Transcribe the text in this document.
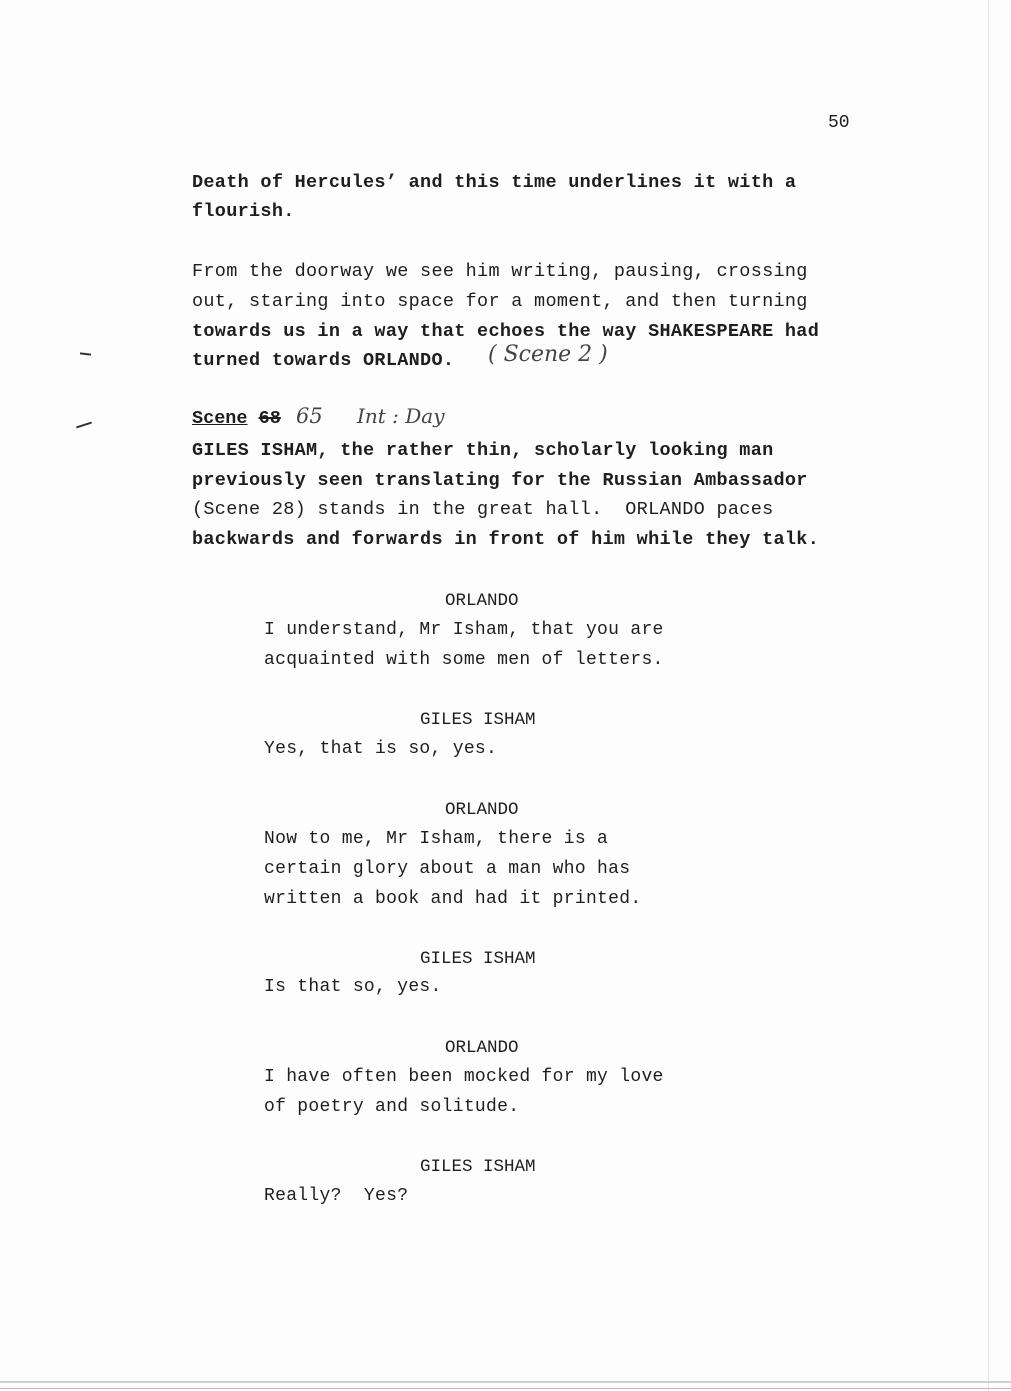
50
Death of Hercules’ and this time underlines it with a
flourish.
From the doorway we see him writing, pausing, crossing
out, staring into space for a moment, and then turning
towards us in a way that echoes the way SHAKESPEARE had
turned towards ORLANDO. ( Scene 2 )
Scene 68 65 Int : Day
GILES ISHAM, the rather thin, scholarly looking man
previously seen translating for the Russian Ambassador
(Scene 28) stands in the great hall.  ORLANDO paces
backwards and forwards in front of him while they talk.
ORLANDO
I understand, Mr Isham, that you are
acquainted with some men of letters.
GILES ISHAM
Yes, that is so, yes.
ORLANDO
Now to me, Mr Isham, there is a
certain glory about a man who has
written a book and had it printed.
GILES ISHAM
Is that so, yes.
ORLANDO
I have often been mocked for my love
of poetry and solitude.
GILES ISHAM
Really?  Yes?
